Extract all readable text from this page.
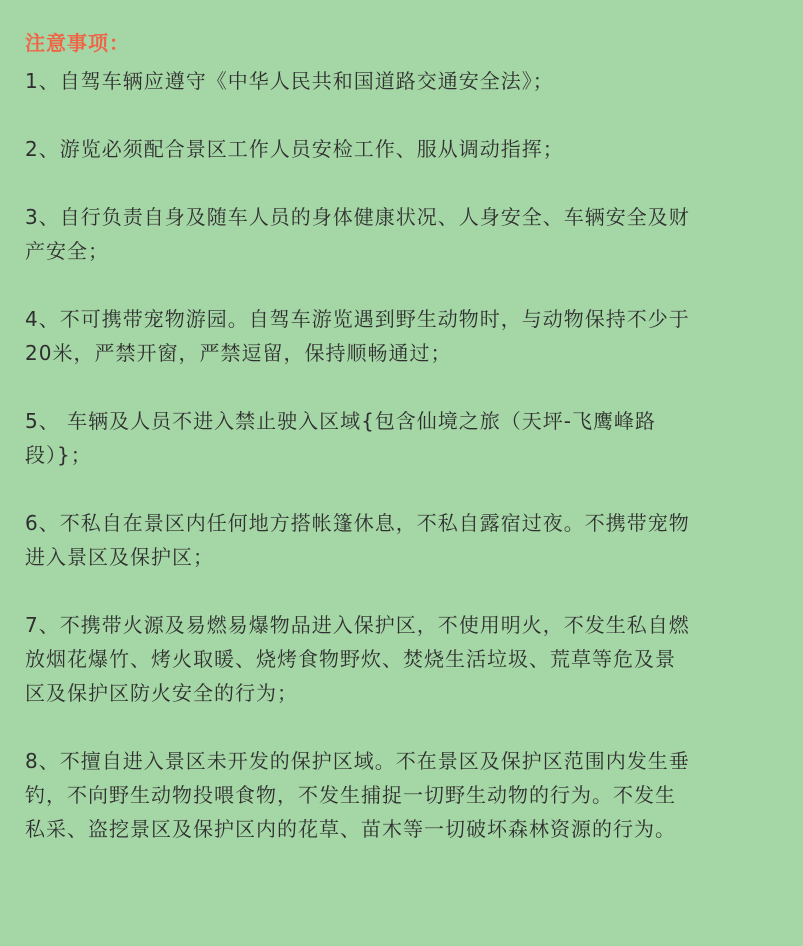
注意事项：
1、自驾车辆应遵守《中华人民共和国道路交通安全法》；
2、游览必须配合景区工作人员安检工作、服从调动指挥；
3、自行负责自身及随车人员的身体健康状况、人身安全、车辆安全及财
产安全；
4、不可携带宠物游园。自驾车游览遇到野生动物时，与动物保持不少于
20米，严禁开窗，严禁逗留，保持顺畅通过；
5、 车辆及人员不进入禁止驶入区域{包含仙境之旅（天坪-飞鹰峰路
段）}；
6、不私自在景区内任何地方搭帐篷休息，不私自露宿过夜。不携带宠物
进入景区及保护区；
7、不携带火源及易燃易爆物品进入保护区，不使用明火，不发生私自燃
放烟花爆竹、烤火取暖、烧烤食物野炊、焚烧生活垃圾、荒草等危及景
区及保护区防火安全的行为；
8、不擅自进入景区未开发的保护区域。不在景区及保护区范围内发生垂
钓，不向野生动物投喂食物，不发生捕捉一切野生动物的行为。不发生
私采、盗挖景区及保护区内的花草、苗木等一切破坏森林资源的行为。
